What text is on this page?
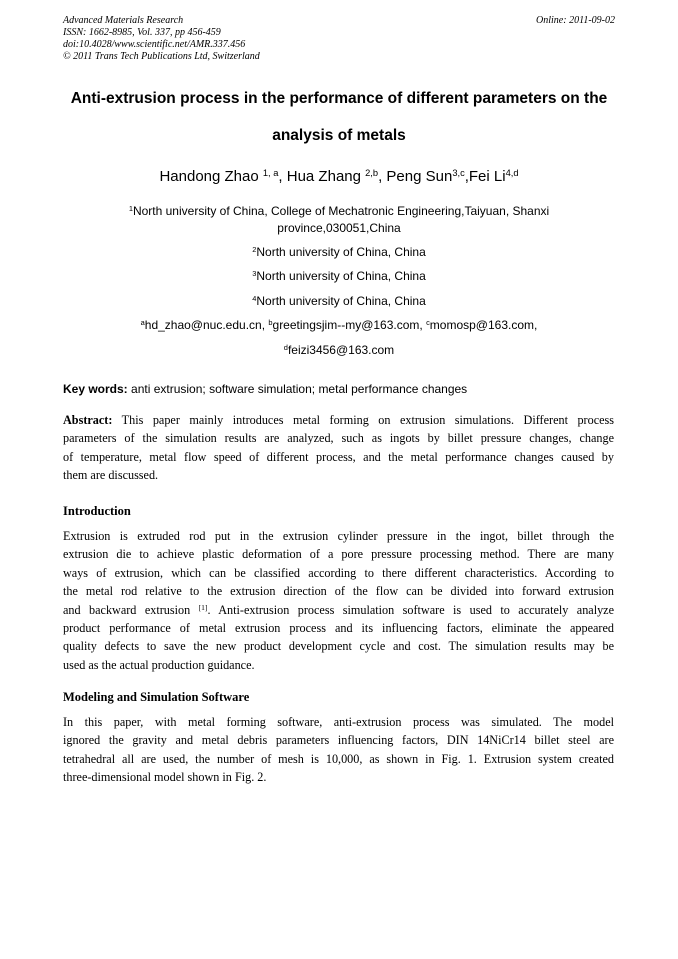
Advanced Materials Research
ISSN: 1662-8985, Vol. 337, pp 456-459
doi:10.4028/www.scientific.net/AMR.337.456
© 2011 Trans Tech Publications Ltd, Switzerland
Online: 2011-09-02
Anti-extrusion process in the performance of different parameters on the
analysis of metals
Handong Zhao $^{1, a}$, Hua Zhang $^{2,b}$, Peng Sun$^{3,c}$,Fei Li$^{4,d}$
$^1$North university of China, College of Mechatronic Engineering,Taiyuan, Shanxi
province,030051,China
$^2$North university of China, China
$^3$North university of China, China
$^4$North university of China, China
$^a$hd_zhao@nuc.edu.cn, $^b$greetingsjim--my@163.com, $^c$momosp@163.com,
$^d$feizi3456@163.com
Key words: anti extrusion; software simulation; metal performance changes
Abstract: This paper mainly introduces metal forming on extrusion simulations. Different process
parameters of the simulation results are analyzed, such as ingots by billet pressure changes, change
of temperature, metal flow speed of different process, and the metal performance changes caused by
them are discussed.
Introduction
Extrusion is extruded rod put in the extrusion cylinder pressure in the ingot, billet through the
extrusion die to achieve plastic deformation of a pore pressure processing method. There are many
ways of extrusion, which can be classified according to there different characteristics. According to
the metal rod relative to the extrusion direction of the flow can be divided into forward extrusion
and backward extrusion [1]. Anti-extrusion process simulation software is used to accurately analyze
product performance of metal extrusion process and its influencing factors, eliminate the appeared
quality defects to save the new product development cycle and cost. The simulation results may be
used as the actual production guidance.
Modeling and Simulation Software
In this paper, with metal forming software, anti-extrusion process was simulated. The model
ignored the gravity and metal debris parameters influencing factors, DIN 14NiCr14 billet steel are
tetrahedral all are used, the number of mesh is 10,000, as shown in Fig. 1. Extrusion system created
three-dimensional model shown in Fig. 2.
